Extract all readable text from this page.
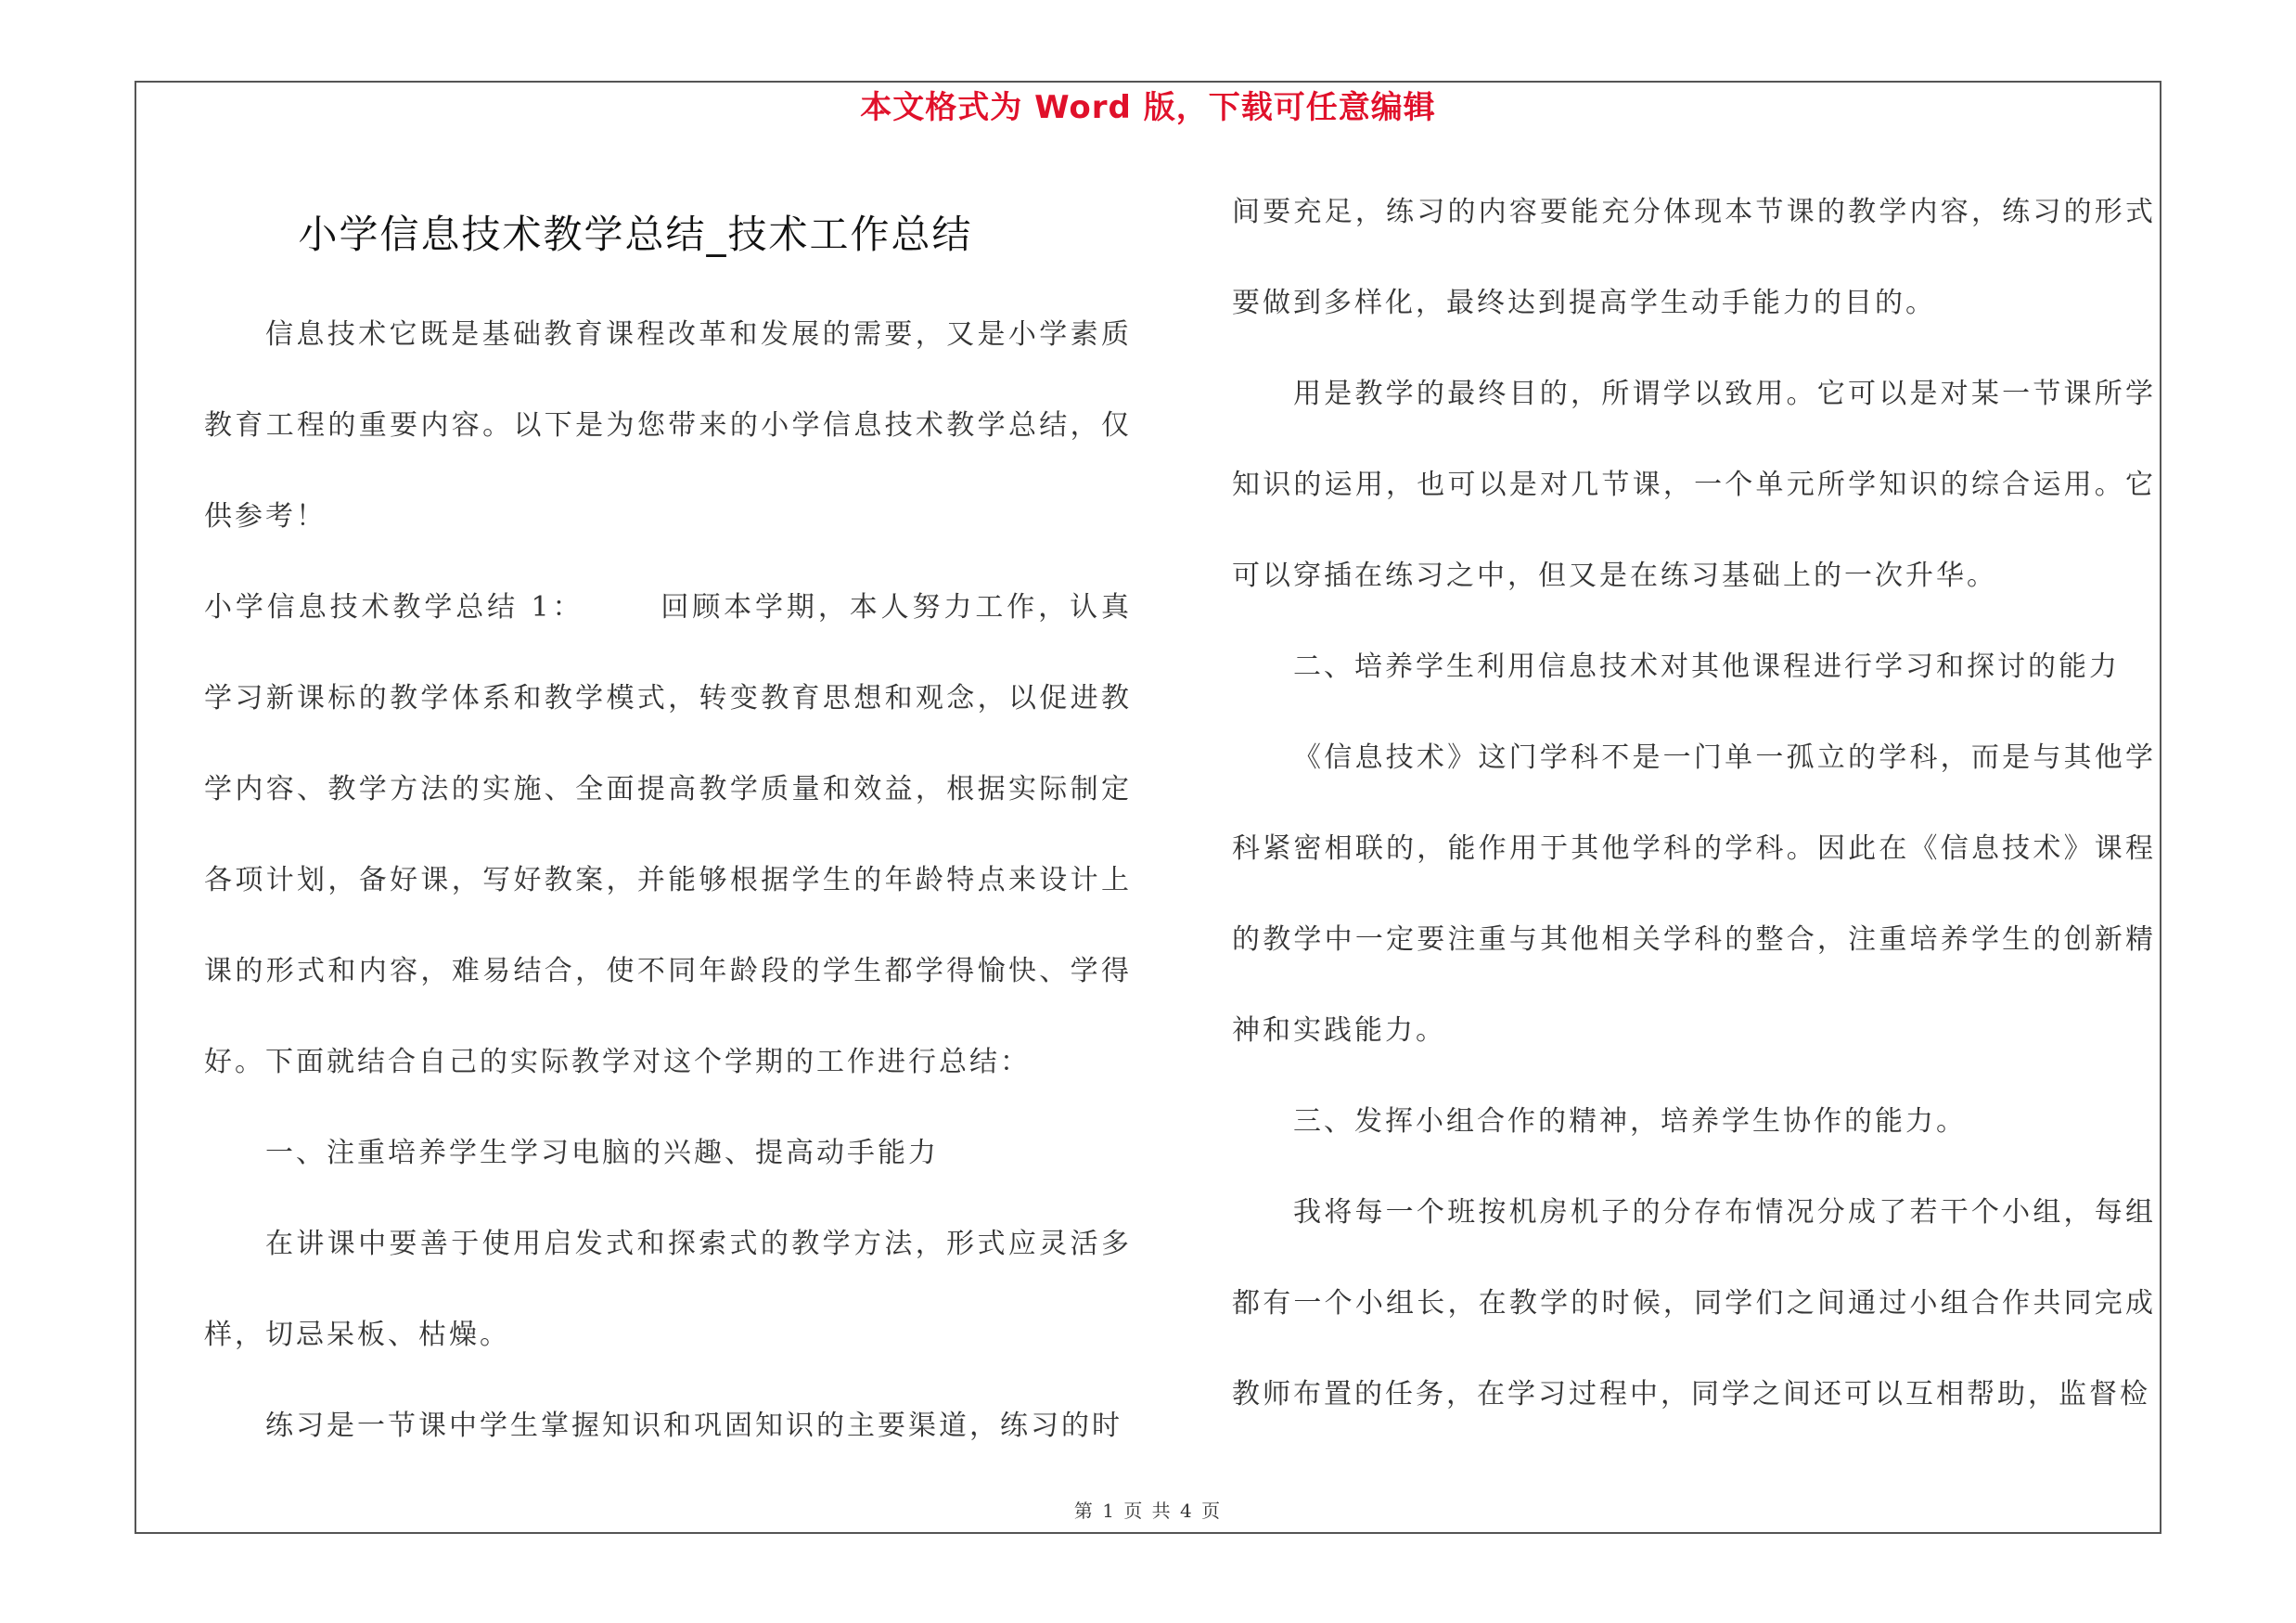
本文格式为 Word 版，下载可任意编辑
小学信息技术教学总结_技术工作总结

信息技术它既是基础教育课程改革和发展的需要，又是小学素质教育工程的重要内容。以下是为您带来的小学信息技术教学总结，仅供参考！

小学信息技术教学总结 1：	回顾本学期，本人努力工作，认真学习新课标的教学体系和教学模式，转变教育思想和观念，以促进教学内容、教学方法的实施、全面提高教学质量和效益，根据实际制定各项计划，备好课，写好教案，并能够根据学生的年龄特点来设计上课的形式和内容，难易结合，使不同年龄段的学生都学得愉快、学得好。下面就结合自己的实际教学对这个学期的工作进行总结：

一、注重培养学生学习电脑的兴趣、提高动手能力

在讲课中要善于使用启发式和探索式的教学方法，形式应灵活多样，切忌呆板、枯燥。

练习是一节课中学生掌握知识和巩固知识的主要渠道，练习的时

间要充足，练习的内容要能充分体现本节课的教学内容，练习的形式要做到多样化，最终达到提高学生动手能力的目的。

用是教学的最终目的，所谓学以致用。它可以是对某一节课所学知识的运用，也可以是对几节课，一个单元所学知识的综合运用。它可以穿插在练习之中，但又是在练习基础上的一次升华。

二、培养学生利用信息技术对其他课程进行学习和探讨的能力

《信息技术》这门学科不是一门单一孤立的学科，而是与其他学科紧密相联的，能作用于其他学科的学科。因此在《信息技术》课程的教学中一定要注重与其他相关学科的整合，注重培养学生的创新精神和实践能力。

三、发挥小组合作的精神，培养学生协作的能力。

我将每一个班按机房机子的分存布情况分成了若干个小组，每组都有一个小组长，在教学的时候，同学们之间通过小组合作共同完成教师布置的任务，在学习过程中，同学之间还可以互相帮助，监督检

第 1 页 共 4 页
